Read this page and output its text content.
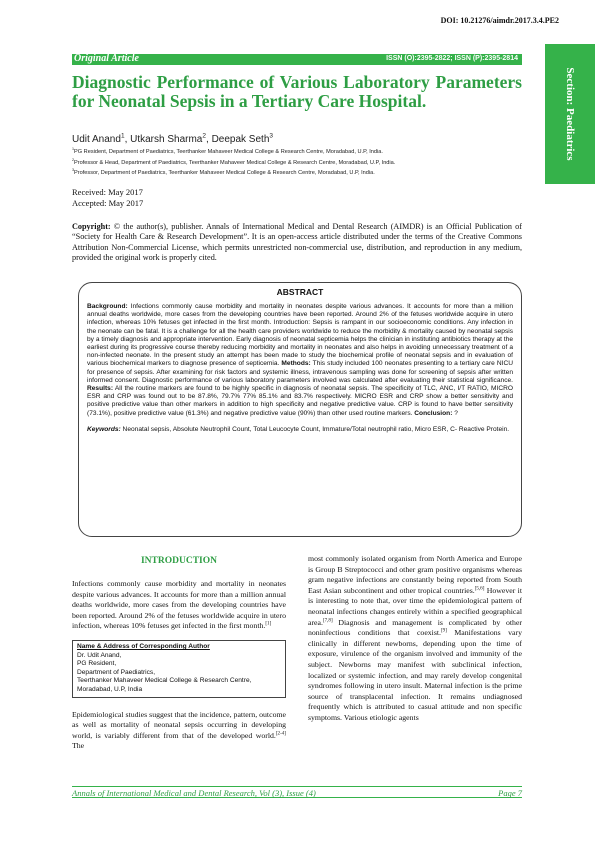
DOI: 10.21276/aimdr.2017.3.4.PE2
Section: Paediatrics
Original Article	ISSN (O):2395-2822; ISSN (P):2395-2814
Diagnostic Performance of Various Laboratory Parameters for Neonatal Sepsis in a Tertiary Care Hospital.
Udit Anand$^1$, Utkarsh Sharma$^2$, Deepak Seth$^3$
$^1$PG Resident, Department of Paediatrics, Teerthanker Mahaveer Medical College & Research Centre, Moradabad, U.P, India.
$^2$Professor & Head, Department of Paediatrics, Teerthanker Mahaveer Medical College & Research Centre, Moradabad, U.P, India.
$^3$Professor, Department of Paediatrics, Teerthanker Mahaveer Medical College & Research Centre, Moradabad, U.P, India.
Received: May 2017
Accepted: May 2017

Copyright: © the author(s), publisher. Annals of International Medical and Dental Research (AIMDR) is an Official Publication of “Society for Health Care & Research Development”. It is an open-access article distributed under the terms of the Creative Commons Attribution Non-Commercial License, which permits unrestricted non-commercial use, distribution, and reproduction in any medium, provided the original work is properly cited.

ABSTRACT

Background: Infections commonly cause morbidity and mortality in neonates despite various advances. It accounts for more than a million annual deaths worldwide, more cases from the developing countries have been reported. Around 2% of the fetuses worldwide acquire in utero infection, whereas 10% fetuses get infected in the first month. Introduction: Sepsis is rampant in our socioeconomic conditions. Any infection in the neonate can be fatal. It is a challenge for all the health care providers worldwide to reduce the morbidity & mortality caused by neonatal sepsis by a timely diagnosis and appropriate intervention. Early diagnosis of neonatal septicemia helps the clinician in instituting antibiotics therapy at the earliest during its progressive course thereby reducing morbidity and mortality in neonates and also helps in avoiding unnecessary treatment of a non-infected neonate. In the present study an attempt has been made to study the biochemical profile of neonatal sepsis and in evaluation of various biochemical markers to diagnose presence of septicemia. Methods: This study included 100 neonates presenting to a tertiary care NICU for presence of sepsis. After examining for risk factors and systemic illness, intravenous sampling was done for screening of sepsis after written informed consent. Diagnostic performance of various laboratory parameters involved was calculated after evaluating their statistical significance. Results: All the routine markers are found to be highly specific in diagnosis of neonatal sepsis. The specificity of TLC, ANC, I/T RATIO, MICRO ESR and CRP was found out to be 87.8%, 79.7% 77% 85.1% and 83.7% respectively. MICRO ESR and CRP show a better sensitivity and positive predictive value than other markers in addition to high specificity and negative predictive value. CRP is found to have better sensitivity (73.1%), positive predictive value (61.3%) and negative predictive value (90%) than other used routine markers. Conclusion: ?

Keywords: Neonatal sepsis, Absolute Neutrophil Count, Total Leucocyte Count, Immature/Total neutrophil ratio, Micro ESR, C- Reactive Protein.

INTRODUCTION

Infections commonly cause morbidity and mortality in neonates despite various advances. It accounts for more than a million annual deaths worldwide, more cases from the developing countries have been reported. Around 2% of the fetuses worldwide acquire in utero infection, whereas 10% fetuses get infected in the first month.[1]

Name & Address of Corresponding Author
Dr. Udit Anand,
PG Resident,
Department of Paediatrics,
Teerthanker Mahaveer Medical College & Research Centre,
Moradabad, U.P, India

Epidemiological studies suggest that the incidence, pattern, outcome as well as mortality of neonatal sepsis occurring in developing world, is variably different from that of the developed world.[2-4] The

most commonly isolated organism from North America and Europe is Group B Streptococci and other gram positive organisms whereas gram negative infections are constantly being reported from South East Asian subcontinent and other tropical countries.[5,6] However it is interesting to note that, over time the epidemiological pattern of neonatal infections changes entirely within a specified geographical area.[7,8] Diagnosis and management is complicated by other noninfectious conditions that coexist.[9] Manifestations vary clinically in different newborns, depending upon the time of exposure, virulence of the organism involved and immunity of the subject. Newborns may manifest with subclinical infection, localized or systemic infection, and may rarely develop congenital syndromes following in utero insult. Maternal infection is the prime source of transplacental infection. It remains undiagnosed frequently which is attributed to casual attitude and non specific symptoms. Various etiologic agents

Annals of International Medical and Dental Research, Vol (3), Issue (4)	Page 7
